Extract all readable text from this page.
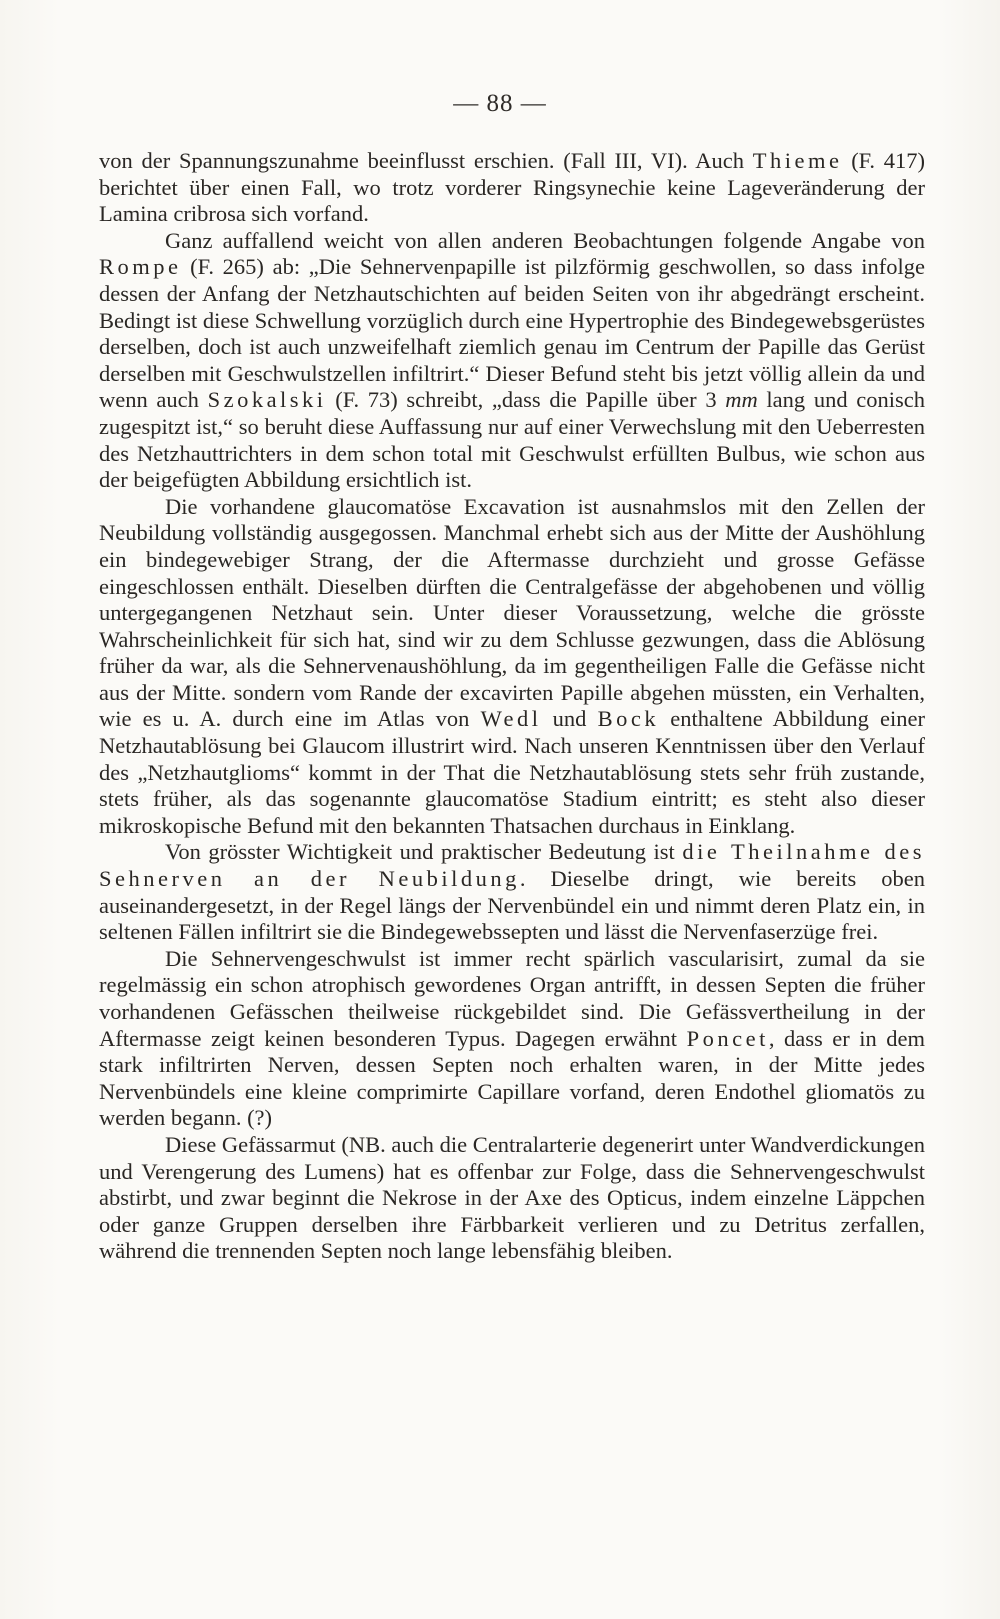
— 88 —

von der Spannungszunahme beeinflusst erschien. (Fall III, VI). Auch Thieme (F. 417) berichtet über einen Fall, wo trotz vorderer Ringsynechie keine Lageveränderung der Lamina cribrosa sich vorfand.

Ganz auffallend weicht von allen anderen Beobachtungen folgende Angabe von Rompe (F. 265) ab: „Die Sehnervenpapille ist pilzförmig geschwollen, so dass infolge dessen der Anfang der Netzhautschichten auf beiden Seiten von ihr abgedrängt erscheint. Bedingt ist diese Schwellung vorzüglich durch eine Hypertrophie des Bindegewebsgerüstes derselben, doch ist auch unzweifelhaft ziemlich genau im Centrum der Papille das Gerüst derselben mit Geschwulstzellen infiltrirt.“ Dieser Befund steht bis jetzt völlig allein da und wenn auch Szokalski (F. 73) schreibt, „dass die Papille über 3 mm lang und conisch zugespitzt ist,“ so beruht diese Auffassung nur auf einer Verwechslung mit den Ueberresten des Netzhauttrichters in dem schon total mit Geschwulst erfüllten Bulbus, wie schon aus der beigefügten Abbildung ersichtlich ist.

Die vorhandene glaucomatöse Excavation ist ausnahmslos mit den Zellen der Neubildung vollständig ausgegossen. Manchmal erhebt sich aus der Mitte der Aushöhlung ein bindegewebiger Strang, der die Aftermasse durchzieht und grosse Gefässe eingeschlossen enthält. Dieselben dürften die Centralgefässe der abgehobenen und völlig untergegangenen Netzhaut sein. Unter dieser Voraussetzung, welche die grösste Wahrscheinlichkeit für sich hat, sind wir zu dem Schlusse gezwungen, dass die Ablösung früher da war, als die Sehnervenaushöhlung, da im gegentheiligen Falle die Gefässe nicht aus der Mitte. sondern vom Rande der excavirten Papille abgehen müssten, ein Verhalten, wie es u. A. durch eine im Atlas von Wedl und Bock enthaltene Abbildung einer Netzhautablösung bei Glaucom illustrirt wird. Nach unseren Kenntnissen über den Verlauf des „Netzhautglioms“ kommt in der That die Netzhautablösung stets sehr früh zustande, stets früher, als das sogenannte glaucomatöse Stadium eintritt; es steht also dieser mikroskopische Befund mit den bekannten Thatsachen durchaus in Einklang.

Von grösster Wichtigkeit und praktischer Bedeutung ist die Theilnahme des Sehnerven an der Neubildung. Dieselbe dringt, wie bereits oben auseinandergesetzt, in der Regel längs der Nervenbündel ein und nimmt deren Platz ein, in seltenen Fällen infiltrirt sie die Bindegewebssepten und lässt die Nervenfaserzüge frei.

Die Sehnervengeschwulst ist immer recht spärlich vascularisirt, zumal da sie regelmässig ein schon atrophisch gewordenes Organ antrifft, in dessen Septen die früher vorhandenen Gefässchen theilweise rückgebildet sind. Die Gefässvertheilung in der Aftermasse zeigt keinen besonderen Typus. Dagegen erwähnt Poncet, dass er in dem stark infiltrirten Nerven, dessen Septen noch erhalten waren, in der Mitte jedes Nervenbündels eine kleine comprimirte Capillare vorfand, deren Endothel gliomatös zu werden begann. (?)

Diese Gefässarmut (NB. auch die Centralarterie degenerirt unter Wandverdickungen und Verengerung des Lumens) hat es offenbar zur Folge, dass die Sehnervengeschwulst abstirbt, und zwar beginnt die Nekrose in der Axe des Opticus, indem einzelne Läppchen oder ganze Gruppen derselben ihre Färbbarkeit verlieren und zu Detritus zerfallen, während die trennenden Septen noch lange lebensfähig bleiben.
